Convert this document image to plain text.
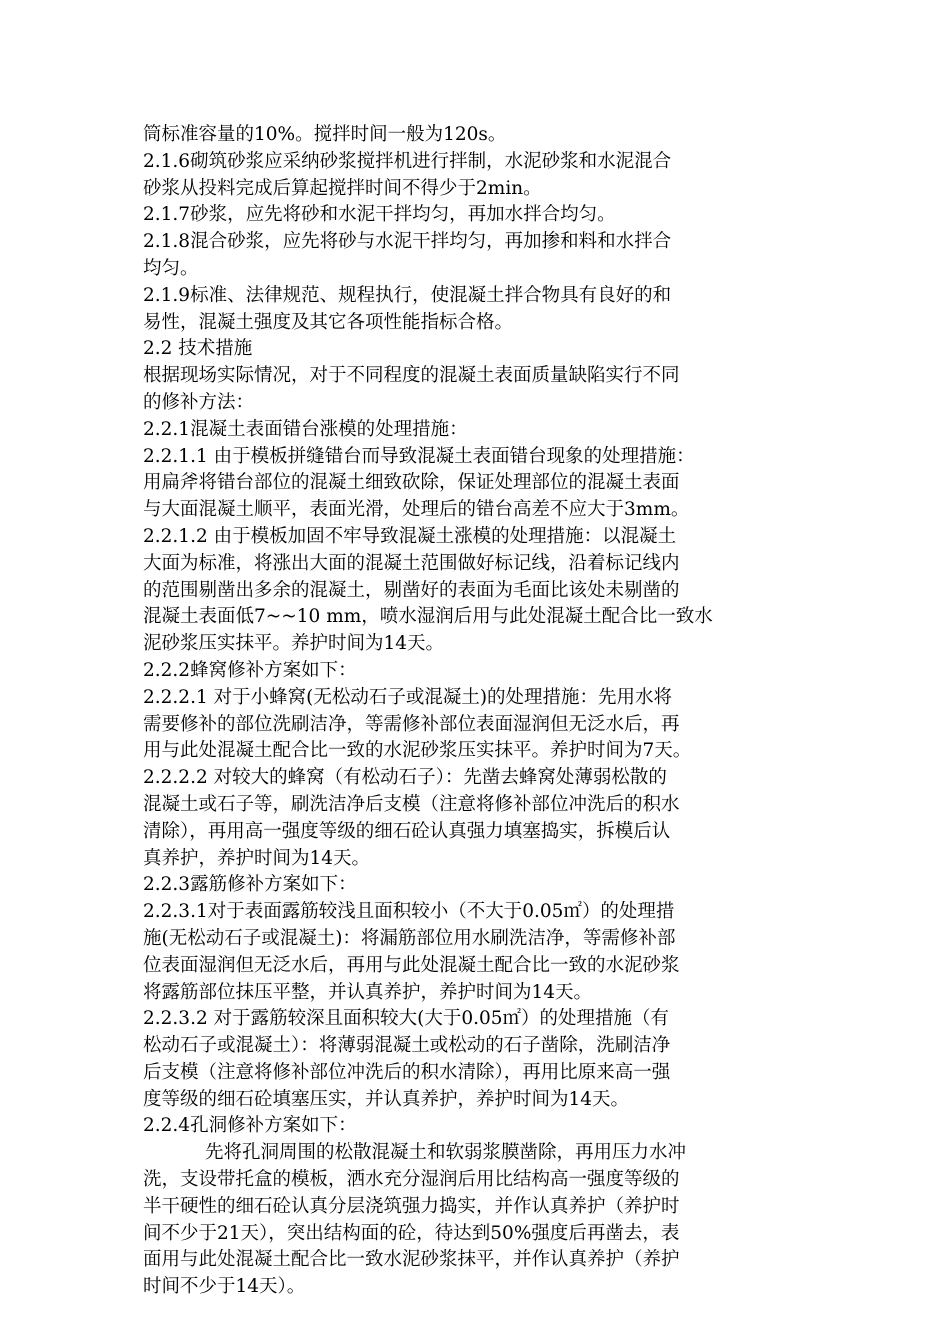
筒标准容量的10%。搅拌时间一般为120s。
2.1.6砌筑砂浆应采纳砂浆搅拌机进行拌制，水泥砂浆和水泥混合
砂浆从投料完成后算起搅拌时间不得少于2min。
2.1.7砂浆，应先将砂和水泥干拌均匀，再加水拌合均匀。
2.1.8混合砂浆，应先将砂与水泥干拌均匀，再加掺和料和水拌合
均匀。
2.1.9标准、法律规范、规程执行，使混凝土拌合物具有良好的和
易性，混凝土强度及其它各项性能指标合格。
2.2 技术措施
根据现场实际情况，对于不同程度的混凝土表面质量缺陷实行不同
的修补方法：
2.2.1混凝土表面错台涨模的处理措施：
2.2.1.1 由于模板拼缝错台而导致混凝土表面错台现象的处理措施：
用扁斧将错台部位的混凝土细致砍除，保证处理部位的混凝土表面
与大面混凝土顺平，表面光滑，处理后的错台高差不应大于3mm。
2.2.1.2 由于模板加固不牢导致混凝土涨模的处理措施：以混凝土
大面为标准，将涨出大面的混凝土范围做好标记线，沿着标记线内
的范围剔凿出多余的混凝土，剔凿好的表面为毛面比该处未剔凿的
混凝土表面低7~~10 mm，喷水湿润后用与此处混凝土配合比一致水
泥砂浆压实抹平。养护时间为14天。
2.2.2蜂窝修补方案如下：
2.2.2.1 对于小蜂窝(无松动石子或混凝土)的处理措施：先用水将
需要修补的部位洗刷洁净，等需修补部位表面湿润但无泛水后，再
用与此处混凝土配合比一致的水泥砂浆压实抹平。养护时间为7天。
2.2.2.2 对较大的蜂窝（有松动石子）：先凿去蜂窝处薄弱松散的
混凝土或石子等，刷洗洁净后支模（注意将修补部位冲洗后的积水
清除），再用高一强度等级的细石砼认真强力填塞捣实，拆模后认
真养护，养护时间为14天。
2.2.3露筋修补方案如下：
2.2.3.1对于表面露筋较浅且面积较小（不大于0.05㎡）的处理措
施(无松动石子或混凝土)：将漏筋部位用水刷洗洁净，等需修补部
位表面湿润但无泛水后，再用与此处混凝土配合比一致的水泥砂浆
将露筋部位抹压平整，并认真养护，养护时间为14天。
2.2.3.2 对于露筋较深且面积较大(大于0.05㎡）的处理措施（有
松动石子或混凝土）：将薄弱混凝土或松动的石子凿除，洗刷洁净
后支模（注意将修补部位冲洗后的积水清除），再用比原来高一强
度等级的细石砼填塞压实，并认真养护，养护时间为14天。
2.2.4孔洞修补方案如下：
先将孔洞周围的松散混凝土和软弱浆膜凿除，再用压力水冲
洗，支设带托盒的模板，洒水充分湿润后用比结构高一强度等级的
半干硬性的细石砼认真分层浇筑强力捣实，并作认真养护（养护时
间不少于21天），突出结构面的砼，待达到50%强度后再凿去，表
面用与此处混凝土配合比一致水泥砂浆抹平，并作认真养护（养护
时间不少于14天）。
